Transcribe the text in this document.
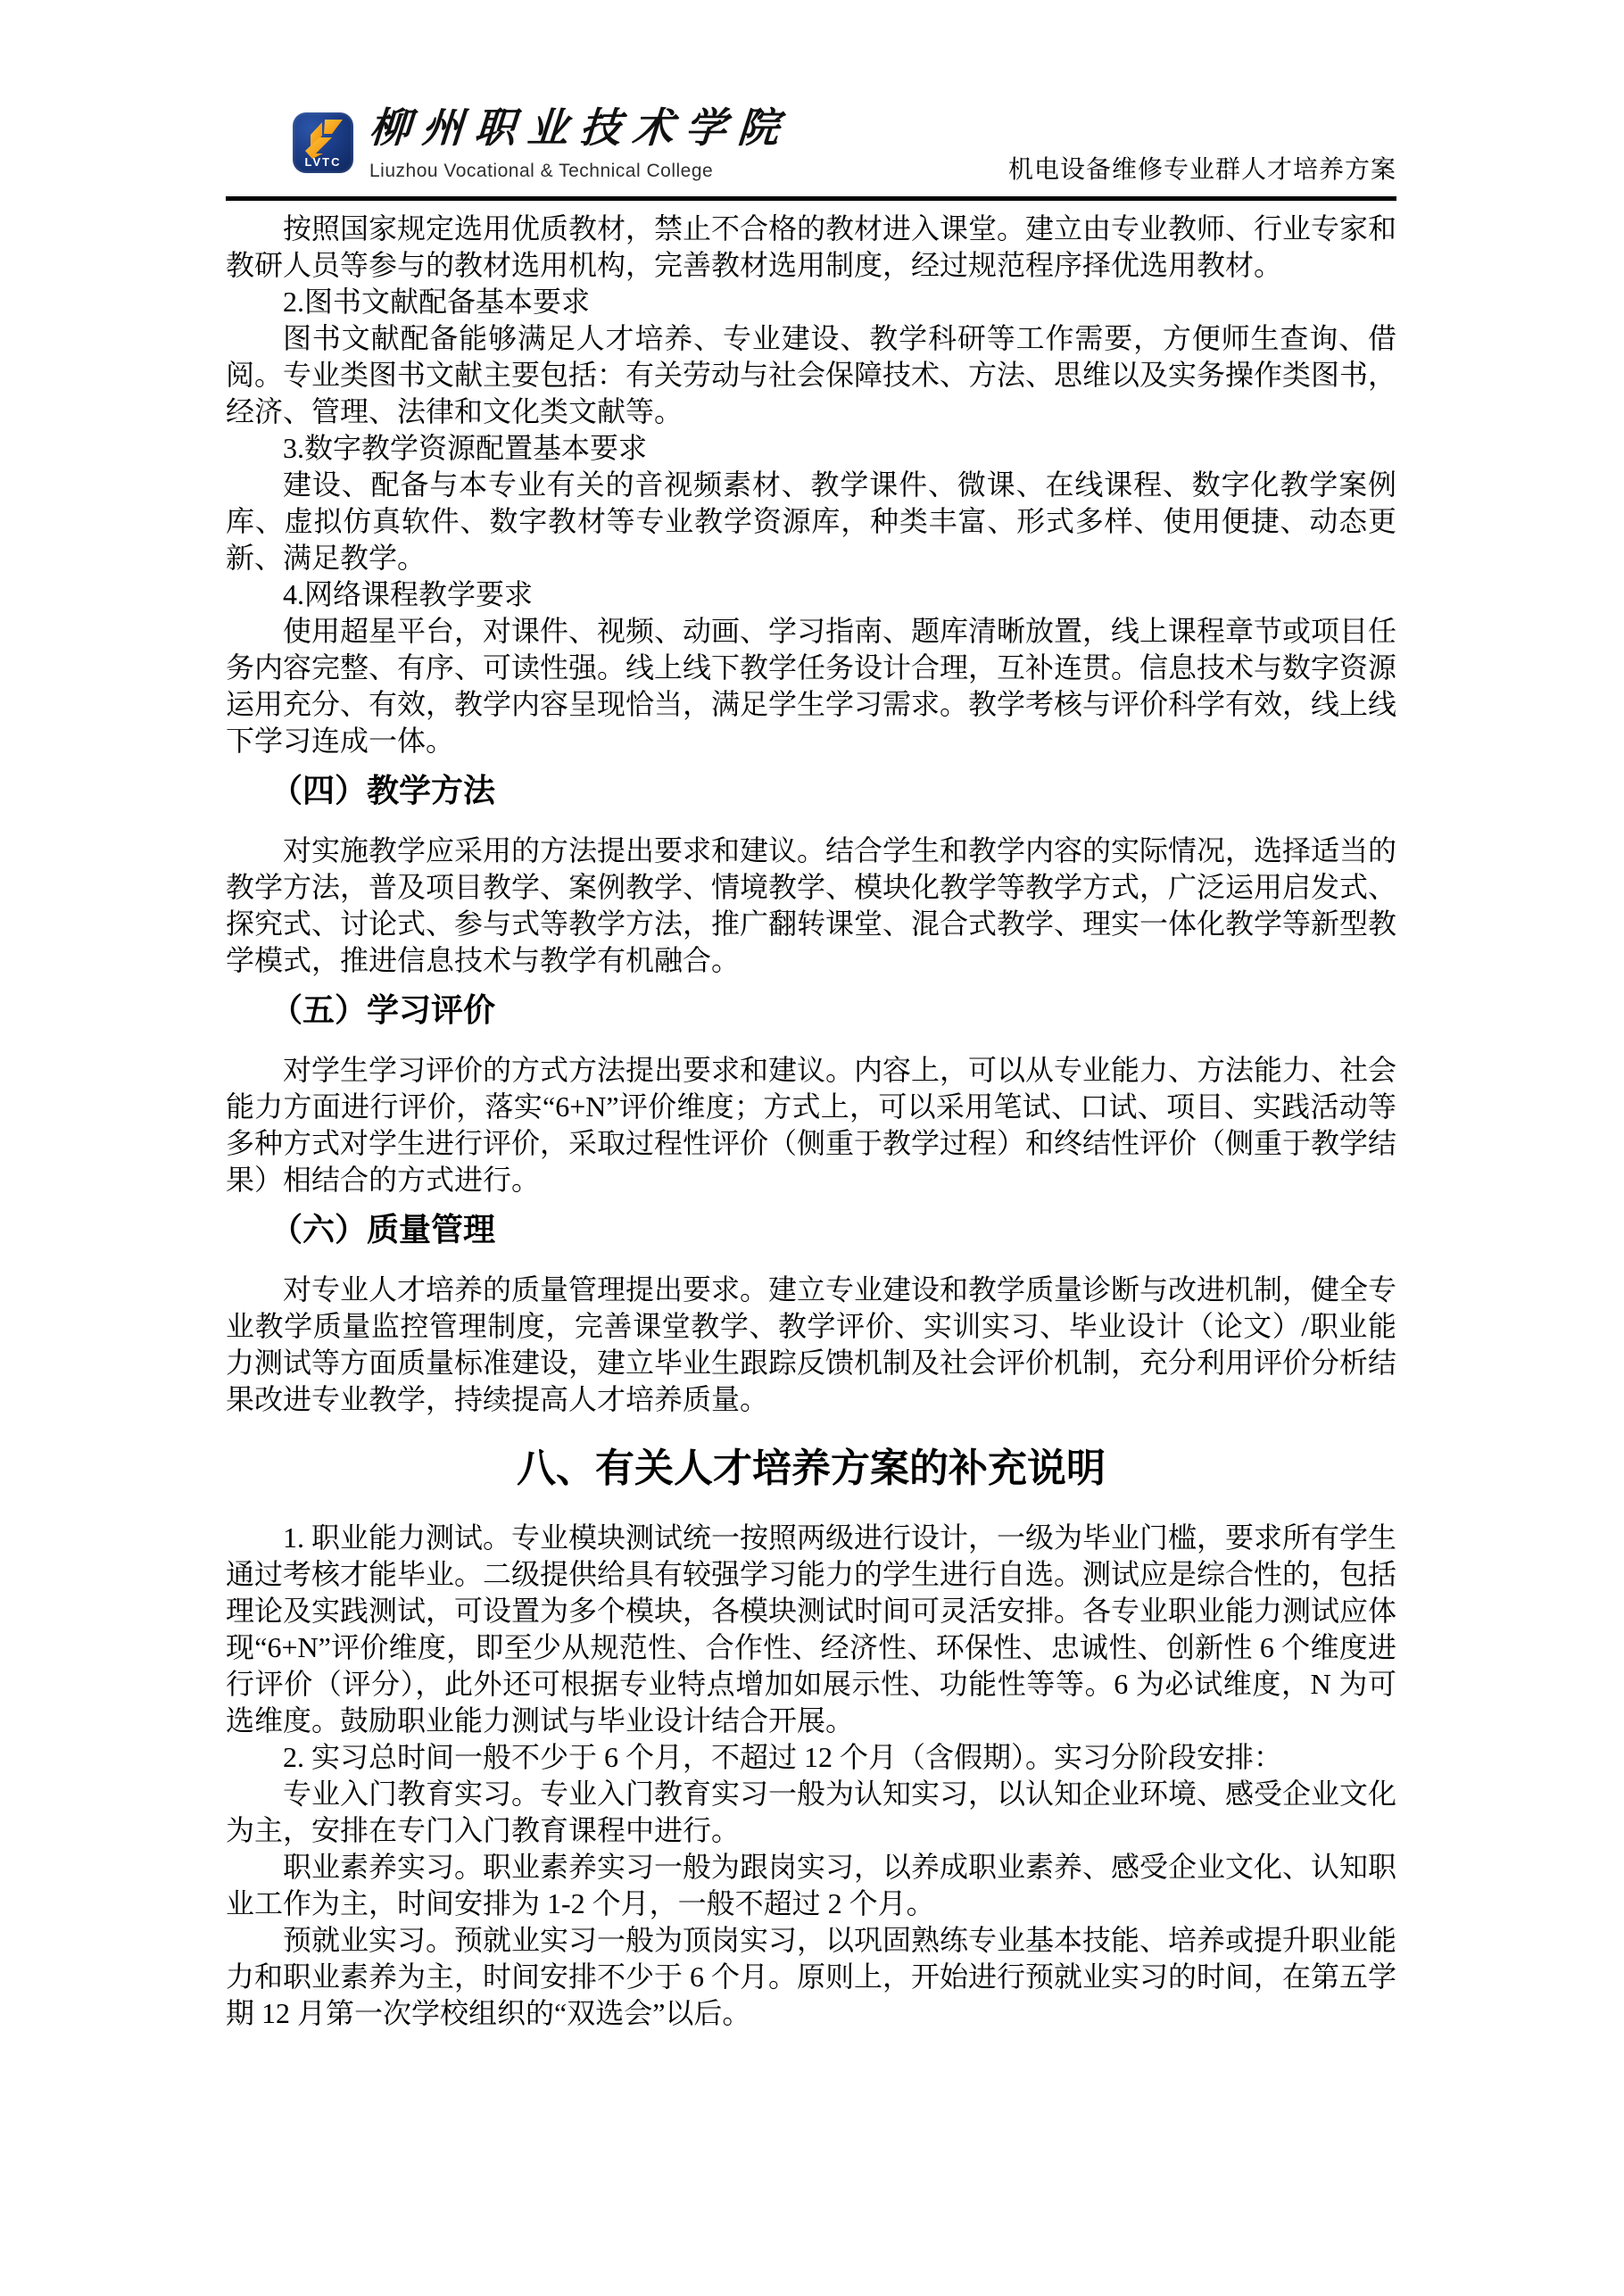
LVTC
柳州职业技术学院
Liuzhou Vocational & Technical College	机电设备维修专业群人才培养方案

按照国家规定选用优质教材，禁止不合格的教材进入课堂。建立由专业教师、行业专家和教研人员等参与的教材选用机构，完善教材选用制度，经过规范程序择优选用教材。

2.图书文献配备基本要求

图书文献配备能够满足人才培养、专业建设、教学科研等工作需要，方便师生查询、借阅。专业类图书文献主要包括：有关劳动与社会保障技术、方法、思维以及实务操作类图书，经济、管理、法律和文化类文献等。

3.数字教学资源配置基本要求

建设、配备与本专业有关的音视频素材、教学课件、微课、在线课程、数字化教学案例库、虚拟仿真软件、数字教材等专业教学资源库，种类丰富、形式多样、使用便捷、动态更新、满足教学。

4.网络课程教学要求

使用超星平台，对课件、视频、动画、学习指南、题库清晰放置，线上课程章节或项目任务内容完整、有序、可读性强。线上线下教学任务设计合理，互补连贯。信息技术与数字资源运用充分、有效，教学内容呈现恰当，满足学生学习需求。教学考核与评价科学有效，线上线下学习连成一体。

（四）教学方法

对实施教学应采用的方法提出要求和建议。结合学生和教学内容的实际情况，选择适当的教学方法，普及项目教学、案例教学、情境教学、模块化教学等教学方式，广泛运用启发式、探究式、讨论式、参与式等教学方法，推广翻转课堂、混合式教学、理实一体化教学等新型教学模式，推进信息技术与教学有机融合。

（五）学习评价

对学生学习评价的方式方法提出要求和建议。内容上，可以从专业能力、方法能力、社会能力方面进行评价，落实“6+N”评价维度；方式上，可以采用笔试、口试、项目、实践活动等多种方式对学生进行评价，采取过程性评价（侧重于教学过程）和终结性评价（侧重于教学结果）相结合的方式进行。

（六）质量管理

对专业人才培养的质量管理提出要求。建立专业建设和教学质量诊断与改进机制，健全专业教学质量监控管理制度，完善课堂教学、教学评价、实训实习、毕业设计（论文）/职业能力测试等方面质量标准建设，建立毕业生跟踪反馈机制及社会评价机制，充分利用评价分析结果改进专业教学，持续提高人才培养质量。

八、有关人才培养方案的补充说明

1. 职业能力测试。专业模块测试统一按照两级进行设计，一级为毕业门槛，要求所有学生通过考核才能毕业。二级提供给具有较强学习能力的学生进行自选。测试应是综合性的，包括理论及实践测试，可设置为多个模块，各模块测试时间可灵活安排。各专业职业能力测试应体现“6+N”评价维度，即至少从规范性、合作性、经济性、环保性、忠诚性、创新性 6 个维度进行评价（评分），此外还可根据专业特点增加如展示性、功能性等等。6 为必试维度，N 为可选维度。鼓励职业能力测试与毕业设计结合开展。

2. 实习总时间一般不少于 6 个月，不超过 12 个月（含假期）。实习分阶段安排：

专业入门教育实习。专业入门教育实习一般为认知实习，以认知企业环境、感受企业文化为主，安排在专门入门教育课程中进行。

职业素养实习。职业素养实习一般为跟岗实习，以养成职业素养、感受企业文化、认知职业工作为主，时间安排为 1-2 个月，一般不超过 2 个月。

预就业实习。预就业实习一般为顶岗实习，以巩固熟练专业基本技能、培养或提升职业能力和职业素养为主，时间安排不少于 6 个月。原则上，开始进行预就业实习的时间，在第五学期 12 月第一次学校组织的“双选会”以后。
